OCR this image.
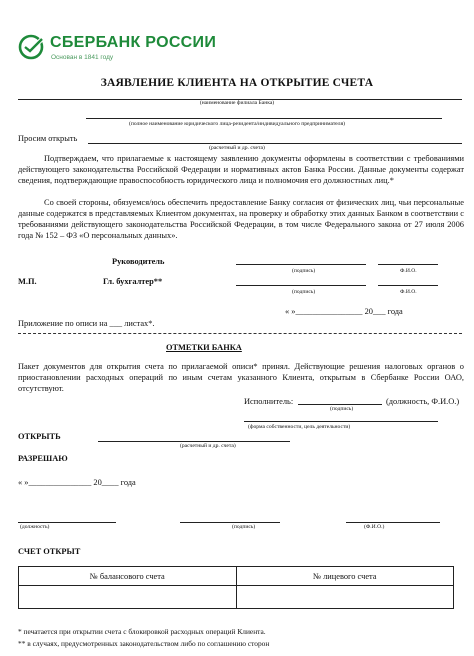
СБЕРБАНК РОССИИ
Основан в 1841 году
ЗАЯВЛЕНИЕ КЛИЕНТА НА ОТКРЫТИЕ СЧЕТА
(наименование филиала Банка)
(полное наименование юридического лица-резидента/индивидуального предпринимателя)
Просим открыть
(расчетный и др. счета)
Подтверждаем, что прилагаемые к настоящему заявлению документы оформлены в соответствии с требованиями действующего законодательства Российской Федерации и нормативных актов Банка России. Данные документы содержат сведения, подтверждающие правоспособность юридического лица и полномочия его должностных лиц.*
Со своей стороны, обязуемся/юсь обеспечить предоставление Банку согласия от физических лиц, чьи персональные данные содержатся в представляемых Клиентом документах, на проверку и обработку этих данных Банком в соответствии с требованиями действующего законодательства Российской Федерации, в том числе Федерального закона от 27 июля 2006 года № 152 – ФЗ «О персональных данных».
Руководитель
(подпись)	Ф.И.О.
М.П.	Гл. бухгалтер**
(подпись)	Ф.И.О.
« »________________ 20___ года
Приложение по описи на ___ листах*.
ОТМЕТКИ БАНКА
Пакет документов для открытия счета по прилагаемой описи* принял. Действующие решения налоговых органов о приостановлении расходных операций по иным счетам указанного Клиента, открытым в Сбербанке России ОАО, отсутствуют.
Исполнитель:	(должность, Ф.И.О.)
(подпись)
(форма собственности, цель деятельности)
ОТКРЫТЬ
(расчетный и др. счета)
РАЗРЕШАЮ
« »_______________ 20____ года
(должность)	(подпись)	(Ф.И.О.)
СЧЕТ ОТКРЫТ
№ балансового счета	№ лицевого счета

* печатается при открытии счета с блокировкой расходных операций Клиента.
** в случаях, предусмотренных законодательством либо по соглашению сторон
